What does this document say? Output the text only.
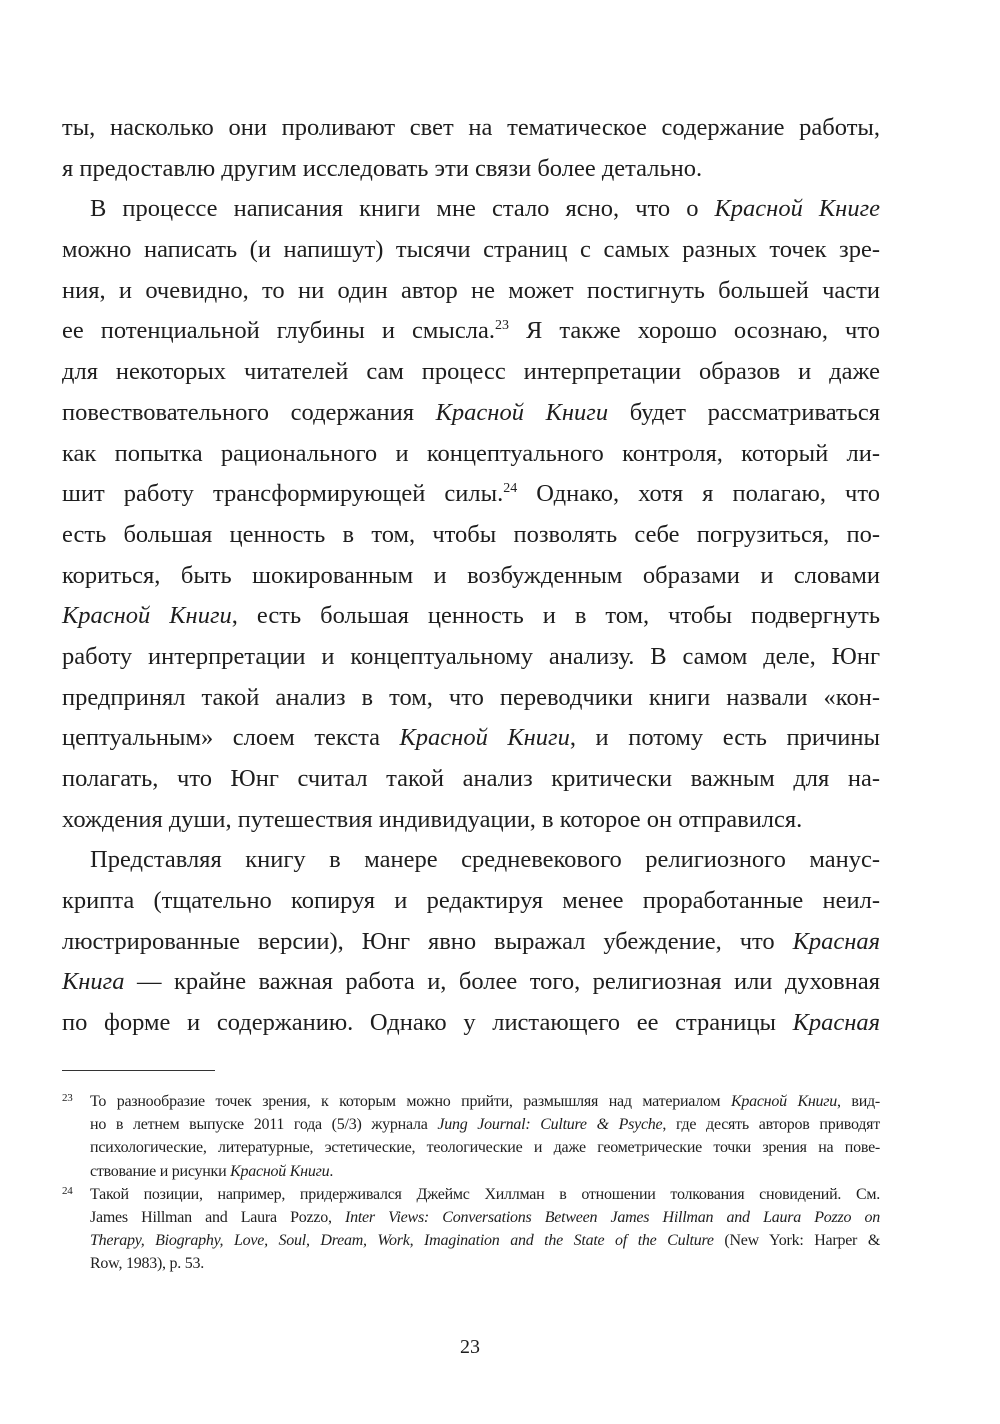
ты, насколько они проливают свет на тематическое содержание работы,
я предоставлю другим исследовать эти связи более детально.
В процессе написания книги мне стало ясно, что о Красной Книге
можно написать (и напишут) тысячи страниц с самых разных точек зре-
ния, и очевидно, то ни один автор не может постигнуть большей части
ее потенциальной глубины и смысла.$^{23}$ Я также хорошо осознаю, что
для некоторых читателей сам процесс интерпретации образов и даже
повествовательного содержания Красной Книги будет рассматриваться
как попытка рационального и концептуального контроля, который ли-
шит работу трансформирующей силы.$^{24}$ Однако, хотя я полагаю, что
есть большая ценность в том, чтобы позволять себе погрузиться, по-
кориться, быть шокированным и возбужденным образами и словами
Красной Книги, есть большая ценность и в том, чтобы подвергнуть
работу интерпретации и концептуальному анализу. В самом деле, Юнг
предпринял такой анализ в том, что переводчики книги назвали «кон-
цептуальным» слоем текста Красной Книги, и потому есть причины
полагать, что Юнг считал такой анализ критически важным для на-
хождения души, путешествия индивидуации, в которое он отправился.
Представляя книгу в манере средневекового религиозного манус-
крипта (тщательно копируя и редактируя менее проработанные неил-
люстрированные версии), Юнг явно выражал убеждение, что Красная
Книга — крайне важная работа и, более того, религиозная или духовная
по форме и содержанию. Однако у листающего ее страницы Красная
23 То разнообразие точек зрения, к которым можно прийти, размышляя над материалом Красной Книги, вид-
но в летнем выпуске 2011 года (5/3) журнала Jung Journal: Culture & Psyche, где десять авторов приводят
психологические, литературные, эстетические, теологические и даже геометрические точки зрения на пове-
ствование и рисунки Красной Книги.
24 Такой позиции, например, придерживался Джеймс Хиллман в отношении толкования сновидений. См.
James Hillman and Laura Pozzo, Inter Views: Conversations Between James Hillman and Laura Pozzo on
Therapy, Biography, Love, Soul, Dream, Work, Imagination and the State of the Culture (New York: Harper &
Row, 1983), p. 53.
23
